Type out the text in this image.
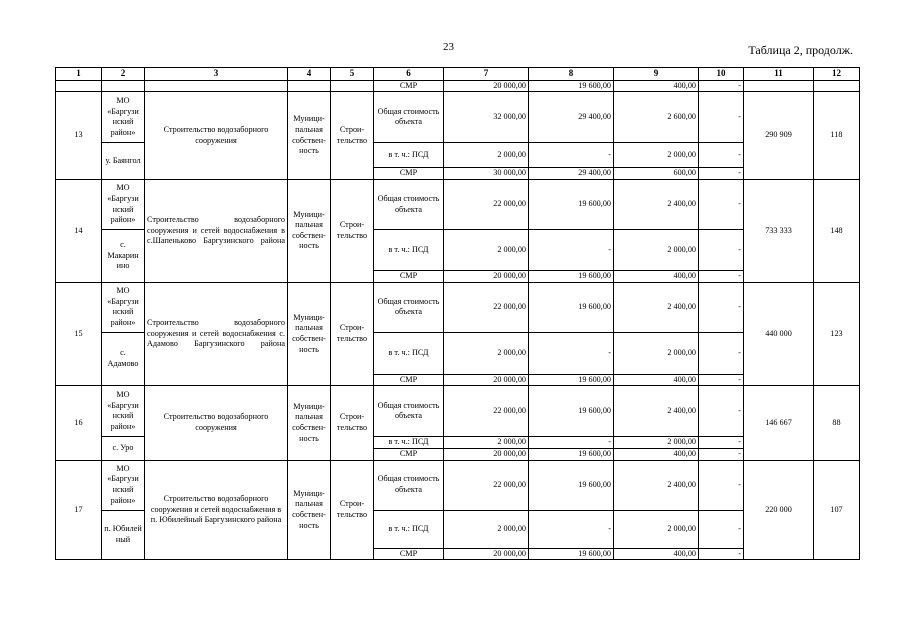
23	Таблица 2, продолж.
1	2	3	4	5	6	7	8	9	10	11	12
					СМР	20 000,00	19 600,00	400,00	-		
13	МО «Баргузи нский район»	Строительство водозаборного сооружения	Муници-пальная собствен-ность	Строи-тельство	Общая стоимость объекта	32 000,00	29 400,00	2 600,00	-	290 909	118
	у. Баянгол				в т. ч.: ПСД	2 000,00	-	2 000,00	-		
					СМР	30 000,00	29 400,00	600,00	-		
14	МО «Баргузи нский район»	Строительство водозаборного сооружения и сетей водоснабжения в с.Шапеньково Баргузинского района	Муници-пальная собствен-ность	Строи-тельство	Общая стоимость объекта	22 000,00	19 600,00	2 400,00	-	733 333	148
	с. Макарин ино				в т. ч.: ПСД	2 000,00	-	2 000,00	-		
					СМР	20 000,00	19 600,00	400,00	-		
15	МО «Баргузи нский район»	Строительство водозаборного сооружения и сетей водоснабжения с. Адамово Баргузинского района	Муници-пальная собствен-ность	Строи-тельство	Общая стоимость объекта	22 000,00	19 600,00	2 400,00	-	440 000	123
	с. Адамово				в т. ч.: ПСД	2 000,00	-	2 000,00	-		
					СМР	20 000,00	19 600,00	400,00	-		
16	МО «Баргузи нский район»	Строительство водозаборного сооружения	Муници-пальная собствен-ность	Строи-тельство	Общая стоимость объекта	22 000,00	19 600,00	2 400,00	-	146 667	88
	с. Уро				в т. ч.: ПСД	2 000,00	-	2 000,00	-		
					СМР	20 000,00	19 600,00	400,00	-		
17	МО «Баргузи нский район»	Строительство водозаборного сооружения и сетей водоснабжения в п. Юбилейный Баргузинского района	Муници-пальная собствен-ность	Строи-тельство	Общая стоимость объекта	22 000,00	19 600,00	2 400,00	-	220 000	107
	п. Юбилей ный				в т. ч.: ПСД	2 000,00	-	2 000,00	-		
					СМР	20 000,00	19 600,00	400,00	-		
